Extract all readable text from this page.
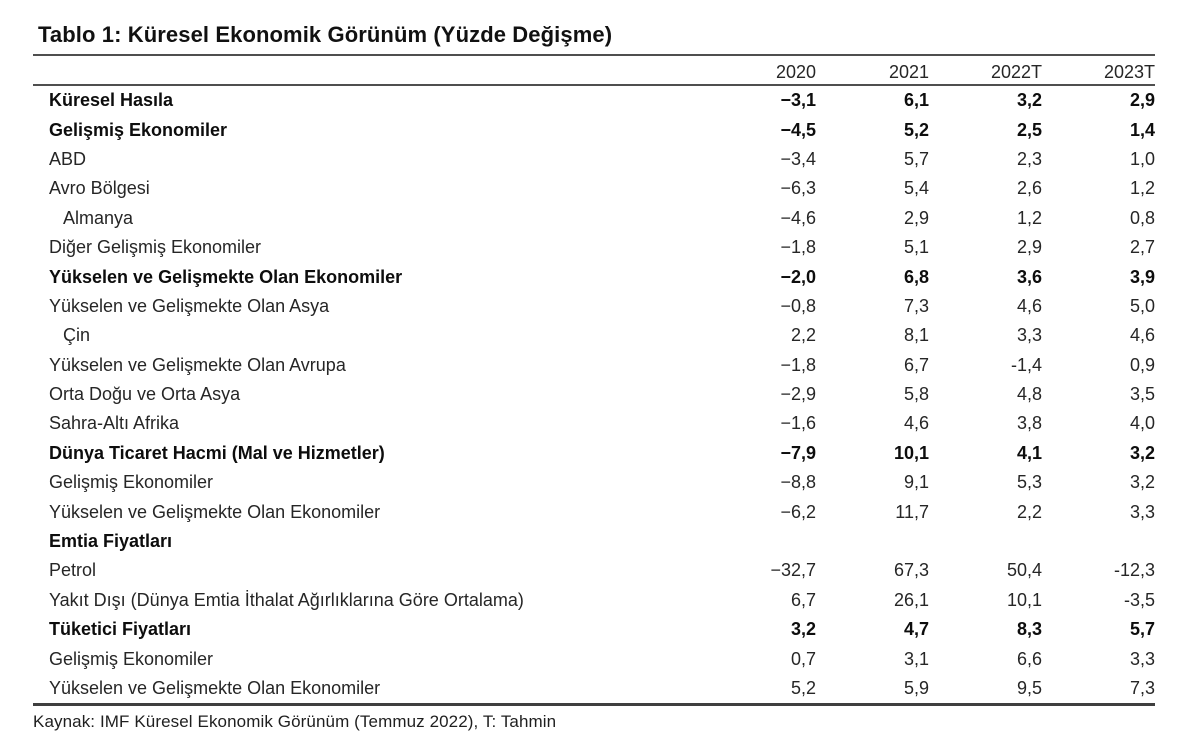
Tablo 1: Küresel Ekonomik Görünüm (Yüzde Değişme)
2020	2021	2022T	2023T
Küresel Hasıla	−3,1	6,1	3,2	2,9
Gelişmiş Ekonomiler	−4,5	5,2	2,5	1,4
ABD	−3,4	5,7	2,3	1,0
Avro Bölgesi	−6,3	5,4	2,6	1,2
Almanya	−4,6	2,9	1,2	0,8
Diğer Gelişmiş Ekonomiler	−1,8	5,1	2,9	2,7
Yükselen ve Gelişmekte Olan Ekonomiler	−2,0	6,8	3,6	3,9
Yükselen ve Gelişmekte Olan Asya	−0,8	7,3	4,6	5,0
Çin	2,2	8,1	3,3	4,6
Yükselen ve Gelişmekte Olan Avrupa	−1,8	6,7	-1,4	0,9
Orta Doğu ve Orta Asya	−2,9	5,8	4,8	3,5
Sahra-Altı Afrika	−1,6	4,6	3,8	4,0
Dünya Ticaret Hacmi (Mal ve Hizmetler)	−7,9	10,1	4,1	3,2
Gelişmiş Ekonomiler	−8,8	9,1	5,3	3,2
Yükselen ve Gelişmekte Olan Ekonomiler	−6,2	11,7	2,2	3,3
Emtia Fiyatları
Petrol	−32,7	67,3	50,4	-12,3
Yakıt Dışı (Dünya Emtia İthalat Ağırlıklarına Göre Ortalama)	6,7	26,1	10,1	-3,5
Tüketici Fiyatları	3,2	4,7	8,3	5,7
Gelişmiş Ekonomiler	0,7	3,1	6,6	3,3
Yükselen ve Gelişmekte Olan Ekonomiler	5,2	5,9	9,5	7,3
Kaynak: IMF Küresel Ekonomik Görünüm (Temmuz 2022), T: Tahmin
